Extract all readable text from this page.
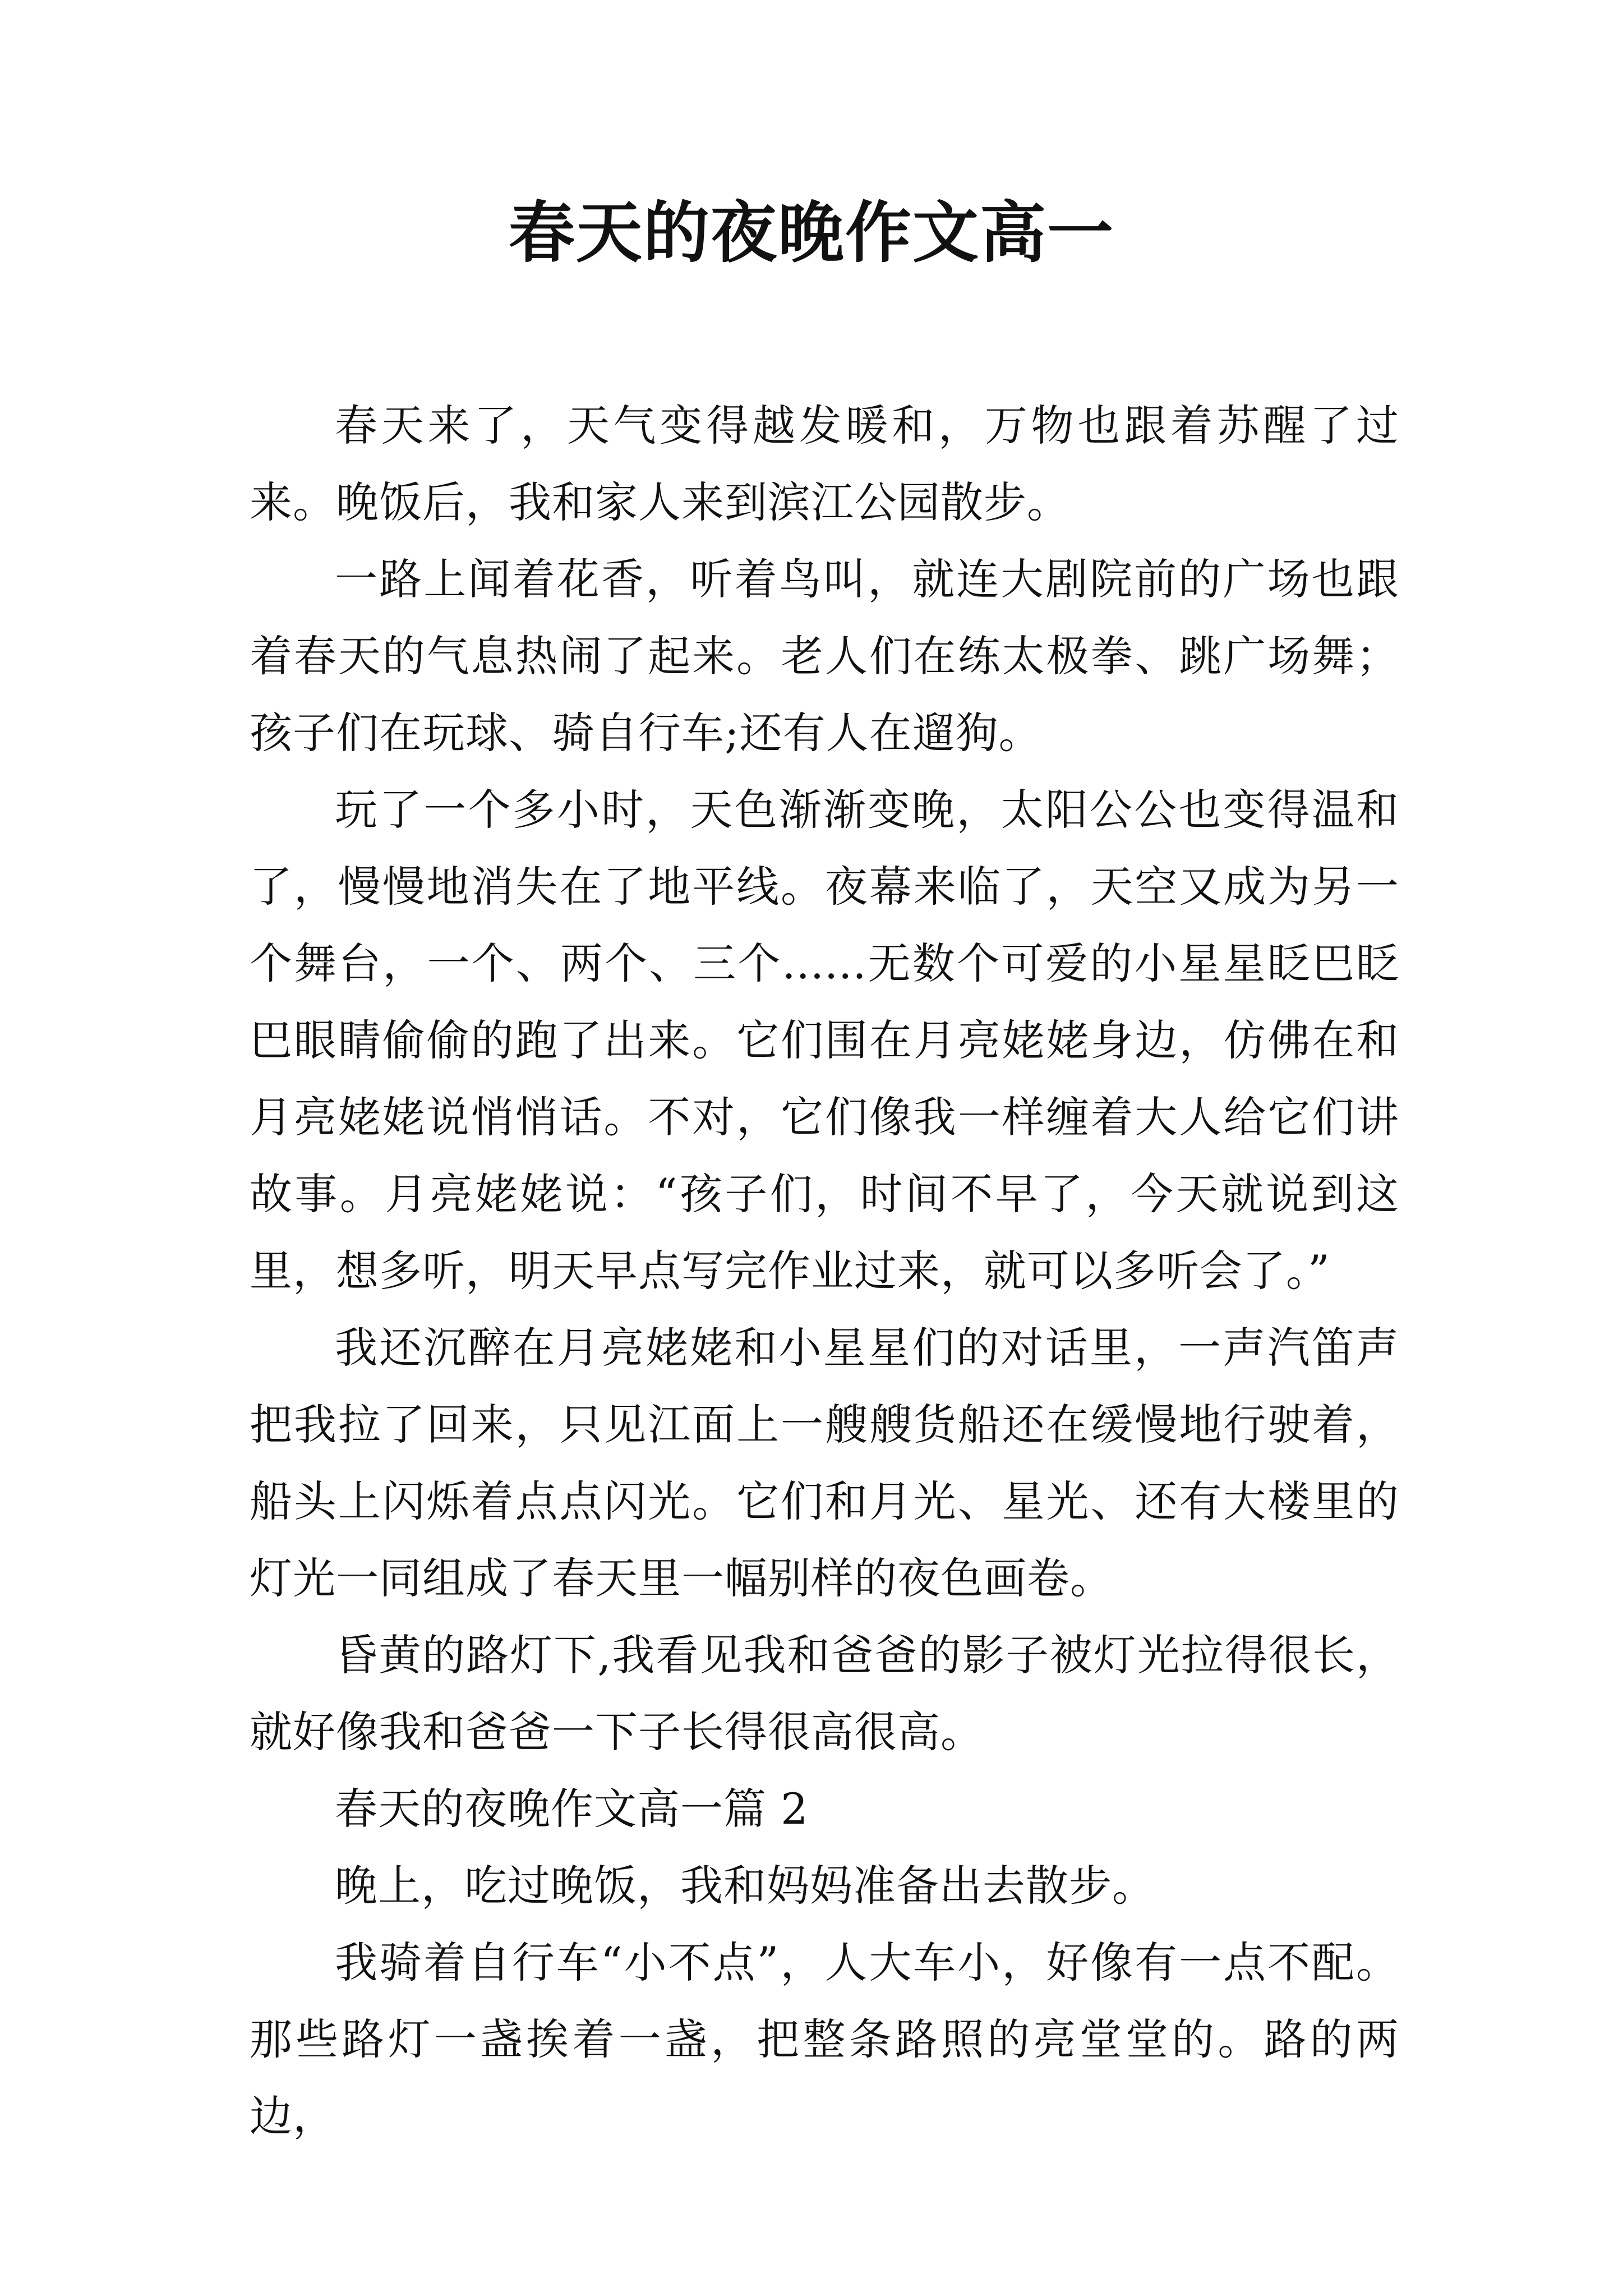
春天的夜晚作文高一

春天来了，天气变得越发暖和，万物也跟着苏醒了过来。晚饭后，我和家人来到滨江公园散步。

一路上闻着花香，听着鸟叫，就连大剧院前的广场也跟着春天的气息热闹了起来。老人们在练太极拳、跳广场舞；孩子们在玩球、骑自行车;还有人在遛狗。

玩了一个多小时，天色渐渐变晚，太阳公公也变得温和了，慢慢地消失在了地平线。夜幕来临了，天空又成为另一个舞台，一个、两个、三个......无数个可爱的小星星眨巴眨巴眼睛偷偷的跑了出来。它们围在月亮姥姥身边，仿佛在和月亮姥姥说悄悄话。不对，它们像我一样缠着大人给它们讲故事。月亮姥姥说：“孩子们，时间不早了，今天就说到这里，想多听，明天早点写完作业过来，就可以多听会了。”

我还沉醉在月亮姥姥和小星星们的对话里，一声汽笛声把我拉了回来，只见江面上一艘艘货船还在缓慢地行驶着，船头上闪烁着点点闪光。它们和月光、星光、还有大楼里的灯光一同组成了春天里一幅别样的夜色画卷。

昏黄的路灯下,我看见我和爸爸的影子被灯光拉得很长，就好像我和爸爸一下子长得很高很高。

春天的夜晚作文高一篇 2

晚上，吃过晚饭，我和妈妈准备出去散步。

我骑着自行车“小不点”，人大车小，好像有一点不配。那些路灯一盏挨着一盏，把整条路照的亮堂堂的。路的两边，
